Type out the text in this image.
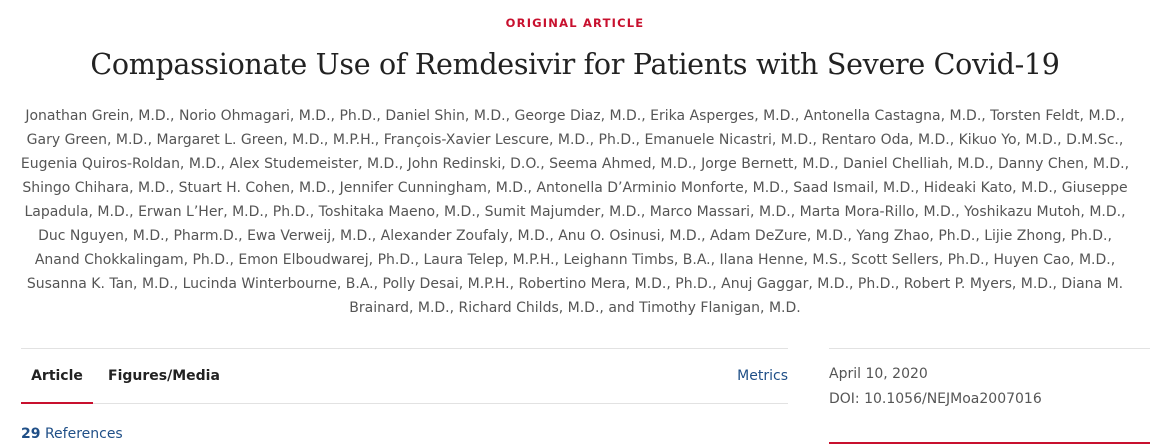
ORIGINAL ARTICLE
Compassionate Use of Remdesivir for Patients with Severe Covid-19
Jonathan Grein, M.D., Norio Ohmagari, M.D., Ph.D., Daniel Shin, M.D., George Diaz, M.D., Erika Asperges, M.D., Antonella Castagna, M.D., Torsten Feldt, M.D., Gary Green, M.D., Margaret L. Green, M.D., M.P.H., François-Xavier Lescure, M.D., Ph.D., Emanuele Nicastri, M.D., Rentaro Oda, M.D., Kikuo Yo, M.D., D.M.Sc., Eugenia Quiros-Roldan, M.D., Alex Studemeister, M.D., John Redinski, D.O., Seema Ahmed, M.D., Jorge Bernett, M.D., Daniel Chelliah, M.D., Danny Chen, M.D., Shingo Chihara, M.D., Stuart H. Cohen, M.D., Jennifer Cunningham, M.D., Antonella D’Arminio Monforte, M.D., Saad Ismail, M.D., Hideaki Kato, M.D., Giuseppe Lapadula, M.D., Erwan L’Her, M.D., Ph.D., Toshitaka Maeno, M.D., Sumit Majumder, M.D., Marco Massari, M.D., Marta Mora-Rillo, M.D., Yoshikazu Mutoh, M.D., Duc Nguyen, M.D., Pharm.D., Ewa Verweij, M.D., Alexander Zoufaly, M.D., Anu O. Osinusi, M.D., Adam DeZure, M.D., Yang Zhao, Ph.D., Lijie Zhong, Ph.D., Anand Chokkalingam, Ph.D., Emon Elboudwarej, Ph.D., Laura Telep, M.P.H., Leighann Timbs, B.A., Ilana Henne, M.S., Scott Sellers, Ph.D., Huyen Cao, M.D., Susanna K. Tan, M.D., Lucinda Winterbourne, B.A., Polly Desai, M.P.H., Robertino Mera, M.D., Ph.D., Anuj Gaggar, M.D., Ph.D., Robert P. Myers, M.D., Diana M. Brainard, M.D., Richard Childs, M.D., and Timothy Flanigan, M.D.
Article	Figures/Media	Metrics
29 References
April 10, 2020
DOI: 10.1056/NEJMoa2007016
